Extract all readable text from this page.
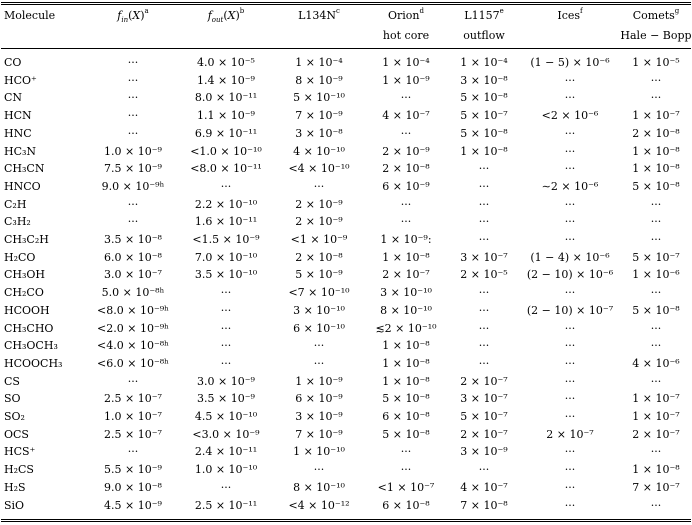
Molecule	$f_{in}(X)^a$	$f_{out}(X)^b$	$L134N^c$	Orion$^d$	L1157e	Ices$^f$	Comets$^g$
				hot core	outflow		Hale − Bopp
CO	···	4.0 × 10⁻⁵	1 × 10⁻⁴	1 × 10⁻⁴	1 × 10⁻⁴	(1 − 5) × 10⁻⁶	1 × 10⁻⁵
HCO⁺	···	1.4 × 10⁻⁹	8 × 10⁻⁹	1 × 10⁻⁹	3 × 10⁻⁸	···	···
CN	···	8.0 × 10⁻¹¹	5 × 10⁻¹⁰	···	5 × 10⁻⁸	···	···
HCN	···	1.1 × 10⁻⁹	7 × 10⁻⁹	4 × 10⁻⁷	5 × 10⁻⁷	<2 × 10⁻⁶	1 × 10⁻⁷
HNC	···	6.9 × 10⁻¹¹	3 × 10⁻⁸	···	5 × 10⁻⁸	···	2 × 10⁻⁸
HC₃N	1.0 × 10⁻⁹	<1.0 × 10⁻¹⁰	4 × 10⁻¹⁰	2 × 10⁻⁹	1 × 10⁻⁸	···	1 × 10⁻⁸
CH₃CN	7.5 × 10⁻⁹	<8.0 × 10⁻¹¹	<4 × 10⁻¹⁰	2 × 10⁻⁸	···	···	1 × 10⁻⁸
HNCO	9.0 × 10⁻⁹ʰ	···	···	6 × 10⁻⁹	···	∼2 × 10⁻⁶	5 × 10⁻⁸
C₂H	···	2.2 × 10⁻¹⁰	2 × 10⁻⁹	···	···	···	···
C₃H₂	···	1.6 × 10⁻¹¹	2 × 10⁻⁹	···	···	···	···
CH₃C₂H	3.5 × 10⁻⁸	<1.5 × 10⁻⁹	<1 × 10⁻⁹	1 × 10⁻⁹:	···	···	···
H₂CO	6.0 × 10⁻⁸	7.0 × 10⁻¹⁰	2 × 10⁻⁸	1 × 10⁻⁸	3 × 10⁻⁷	(1 − 4) × 10⁻⁶	5 × 10⁻⁷
CH₃OH	3.0 × 10⁻⁷	3.5 × 10⁻¹⁰	5 × 10⁻⁹	2 × 10⁻⁷	2 × 10⁻⁵	(2 − 10) × 10⁻⁶	1 × 10⁻⁶
CH₂CO	5.0 × 10⁻⁸ʰ	···	<7 × 10⁻¹⁰	3 × 10⁻¹⁰	···	···	···
HCOOH	<8.0 × 10⁻⁹ʰ	···	3 × 10⁻¹⁰	8 × 10⁻¹⁰	···	(2 − 10) × 10⁻⁷	5 × 10⁻⁸
CH₃CHO	<2.0 × 10⁻⁹ʰ	···	6 × 10⁻¹⁰	≲2 × 10⁻¹⁰	···	···	···
CH₃OCH₃	<4.0 × 10⁻⁸ʰ	···	···	1 × 10⁻⁸	···	···	···
HCOOCH₃	<6.0 × 10⁻⁸ʰ	···	···	1 × 10⁻⁸	···	···	4 × 10⁻⁶
CS	···	3.0 × 10⁻⁹	1 × 10⁻⁹	1 × 10⁻⁸	2 × 10⁻⁷	···	···
SO	2.5 × 10⁻⁷	3.5 × 10⁻⁹	6 × 10⁻⁹	5 × 10⁻⁸	3 × 10⁻⁷	···	1 × 10⁻⁷
SO₂	1.0 × 10⁻⁷	4.5 × 10⁻¹⁰	3 × 10⁻⁹	6 × 10⁻⁸	5 × 10⁻⁷	···	1 × 10⁻⁷
OCS	2.5 × 10⁻⁷	<3.0 × 10⁻⁹	7 × 10⁻⁹	5 × 10⁻⁸	2 × 10⁻⁷	2 × 10⁻⁷	2 × 10⁻⁷
HCS⁺	···	2.4 × 10⁻¹¹	1 × 10⁻¹⁰	···	3 × 10⁻⁹	···	···
H₂CS	5.5 × 10⁻⁹	1.0 × 10⁻¹⁰	···	···	···	···	1 × 10⁻⁸
H₂S	9.0 × 10⁻⁸	···	8 × 10⁻¹⁰	<1 × 10⁻⁷	4 × 10⁻⁷	···	7 × 10⁻⁷
SiO	4.5 × 10⁻⁹	2.5 × 10⁻¹¹	<4 × 10⁻¹²	6 × 10⁻⁸	7 × 10⁻⁸	···	···
